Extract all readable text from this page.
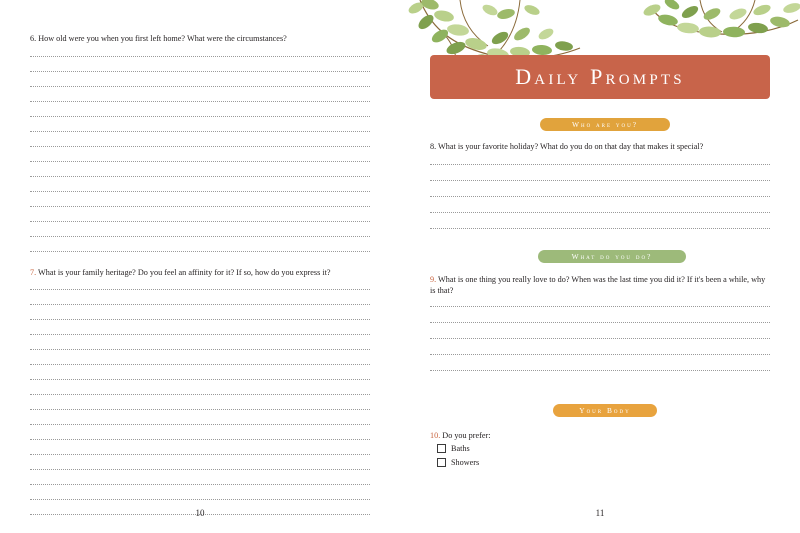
6. How old were you when you first left home? What were the circumstances?
7. What is your family heritage? Do you feel an affinity for it? If so, how do you express it?
10	11
Daily Prompts
Who are you?
8. What is your favorite holiday? What do you do on that day that makes it special?
What do you do?
9. What is one thing you really love to do? When was the last time you did it? If it's been a while, why is that?
Your Body
10. Do you prefer:
Baths
Showers
